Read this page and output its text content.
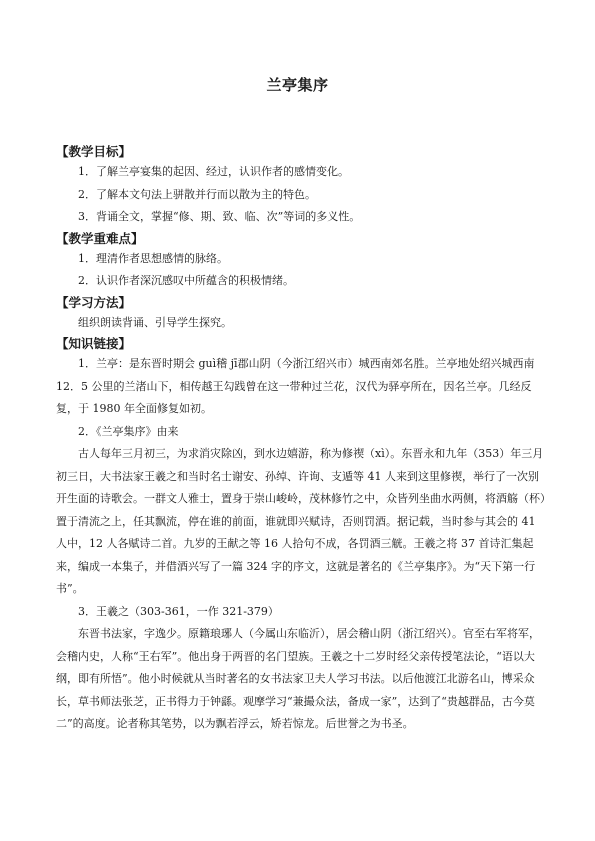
兰亭集序

【教学目标】

1．了解兰亭宴集的起因、经过，认识作者的感情变化。

2．了解本文句法上骈散并行而以散为主的特色。

3．背诵全文，掌握“修、期、致、临、次”等词的多义性。

【教学重难点】

1．理清作者思想感情的脉络。

2．认识作者深沉感叹中所蕴含的积极情绪。

【学习方法】

组织朗读背诵、引导学生探究。

【知识链接】

1．兰亭：是东晋时期会 guì稽 jī郡山阴（今浙江绍兴市）城西南郊名胜。兰亭地处绍兴城西南 12．5 公里的兰渚山下，相传越王勾践曾在这一带种过兰花，汉代为驿亭所在，因名兰亭。几经反复，于 1980 年全面修复如初。

2．《兰亭集序》由来

古人每年三月初三，为求消灾除凶，到水边嬉游，称为修禊（xì）。东晋永和九年（353）年三月初三日，大书法家王羲之和当时名士谢安、孙绰、许询、支遁等 41 人来到这里修禊，举行了一次别开生面的诗歌会。一群文人雅士，置身于崇山峻岭，茂林修竹之中，众皆列坐曲水两侧，将酒觞（杯）置于清流之上，任其飘流，停在谁的前面，谁就即兴赋诗，否则罚酒。据记载，当时参与其会的 41 人中，12 人各赋诗二首。九岁的王献之等 16 人拾句不成，各罚酒三觥。王羲之将 37 首诗汇集起来，编成一本集子，并借酒兴写了一篇 324 字的序文，这就是著名的《兰亭集序》。为“天下第一行书”。

3．王羲之（303-361，一作 321-379）

东晋书法家，字逸少。原籍琅琊人（今属山东临沂），居会稽山阴（浙江绍兴）。官至右军将军，会稽内史，人称“王右军”。他出身于两晋的名门望族。王羲之十二岁时经父亲传授笔法论，“语以大纲，即有所悟”。他小时候就从当时著名的女书法家卫夫人学习书法。以后他渡江北游名山，博采众长，草书师法张芝，正书得力于钟繇。观摩学习“兼撮众法，备成一家”，达到了“贵越群品，古今莫二”的高度。论者称其笔势，以为飘若浮云，矫若惊龙。后世誉之为书圣。
